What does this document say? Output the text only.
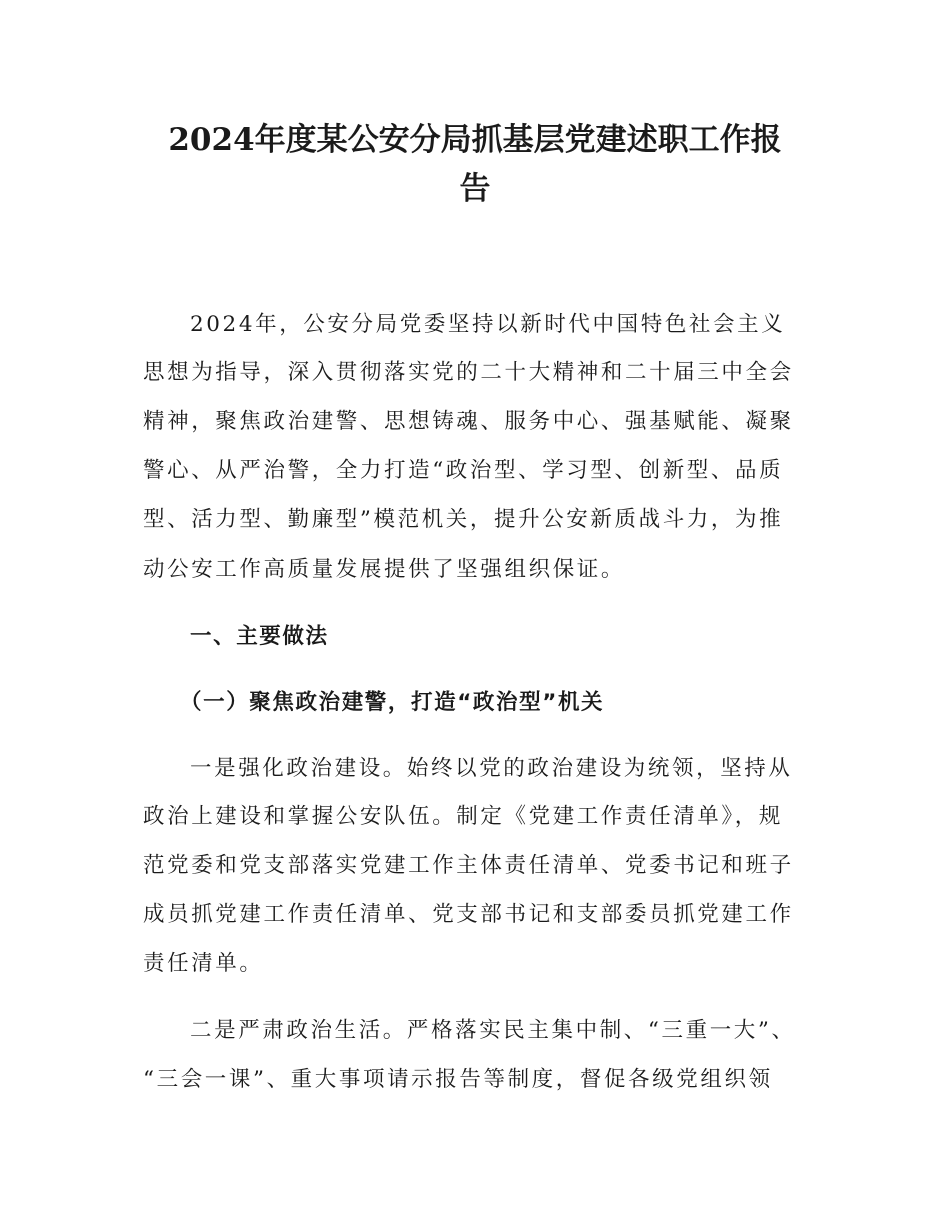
2024年度某公安分局抓基层党建述职工作报
告
2024年，公安分局党委坚持以新时代中国特色社会主义
思想为指导，深入贯彻落实党的二十大精神和二十届三中全会
精神，聚焦政治建警、思想铸魂、服务中心、强基赋能、凝聚
警心、从严治警，全力打造“政治型、学习型、创新型、品质
型、活力型、勤廉型”模范机关，提升公安新质战斗力，为推
动公安工作高质量发展提供了坚强组织保证。
一、主要做法
（一）聚焦政治建警，打造“政治型”机关
一是强化政治建设。始终以党的政治建设为统领，坚持从
政治上建设和掌握公安队伍。制定《党建工作责任清单》，规
范党委和党支部落实党建工作主体责任清单、党委书记和班子
成员抓党建工作责任清单、党支部书记和支部委员抓党建工作
责任清单。
二是严肃政治生活。严格落实民主集中制、“三重一大”、
“三会一课”、重大事项请示报告等制度，督促各级党组织领
